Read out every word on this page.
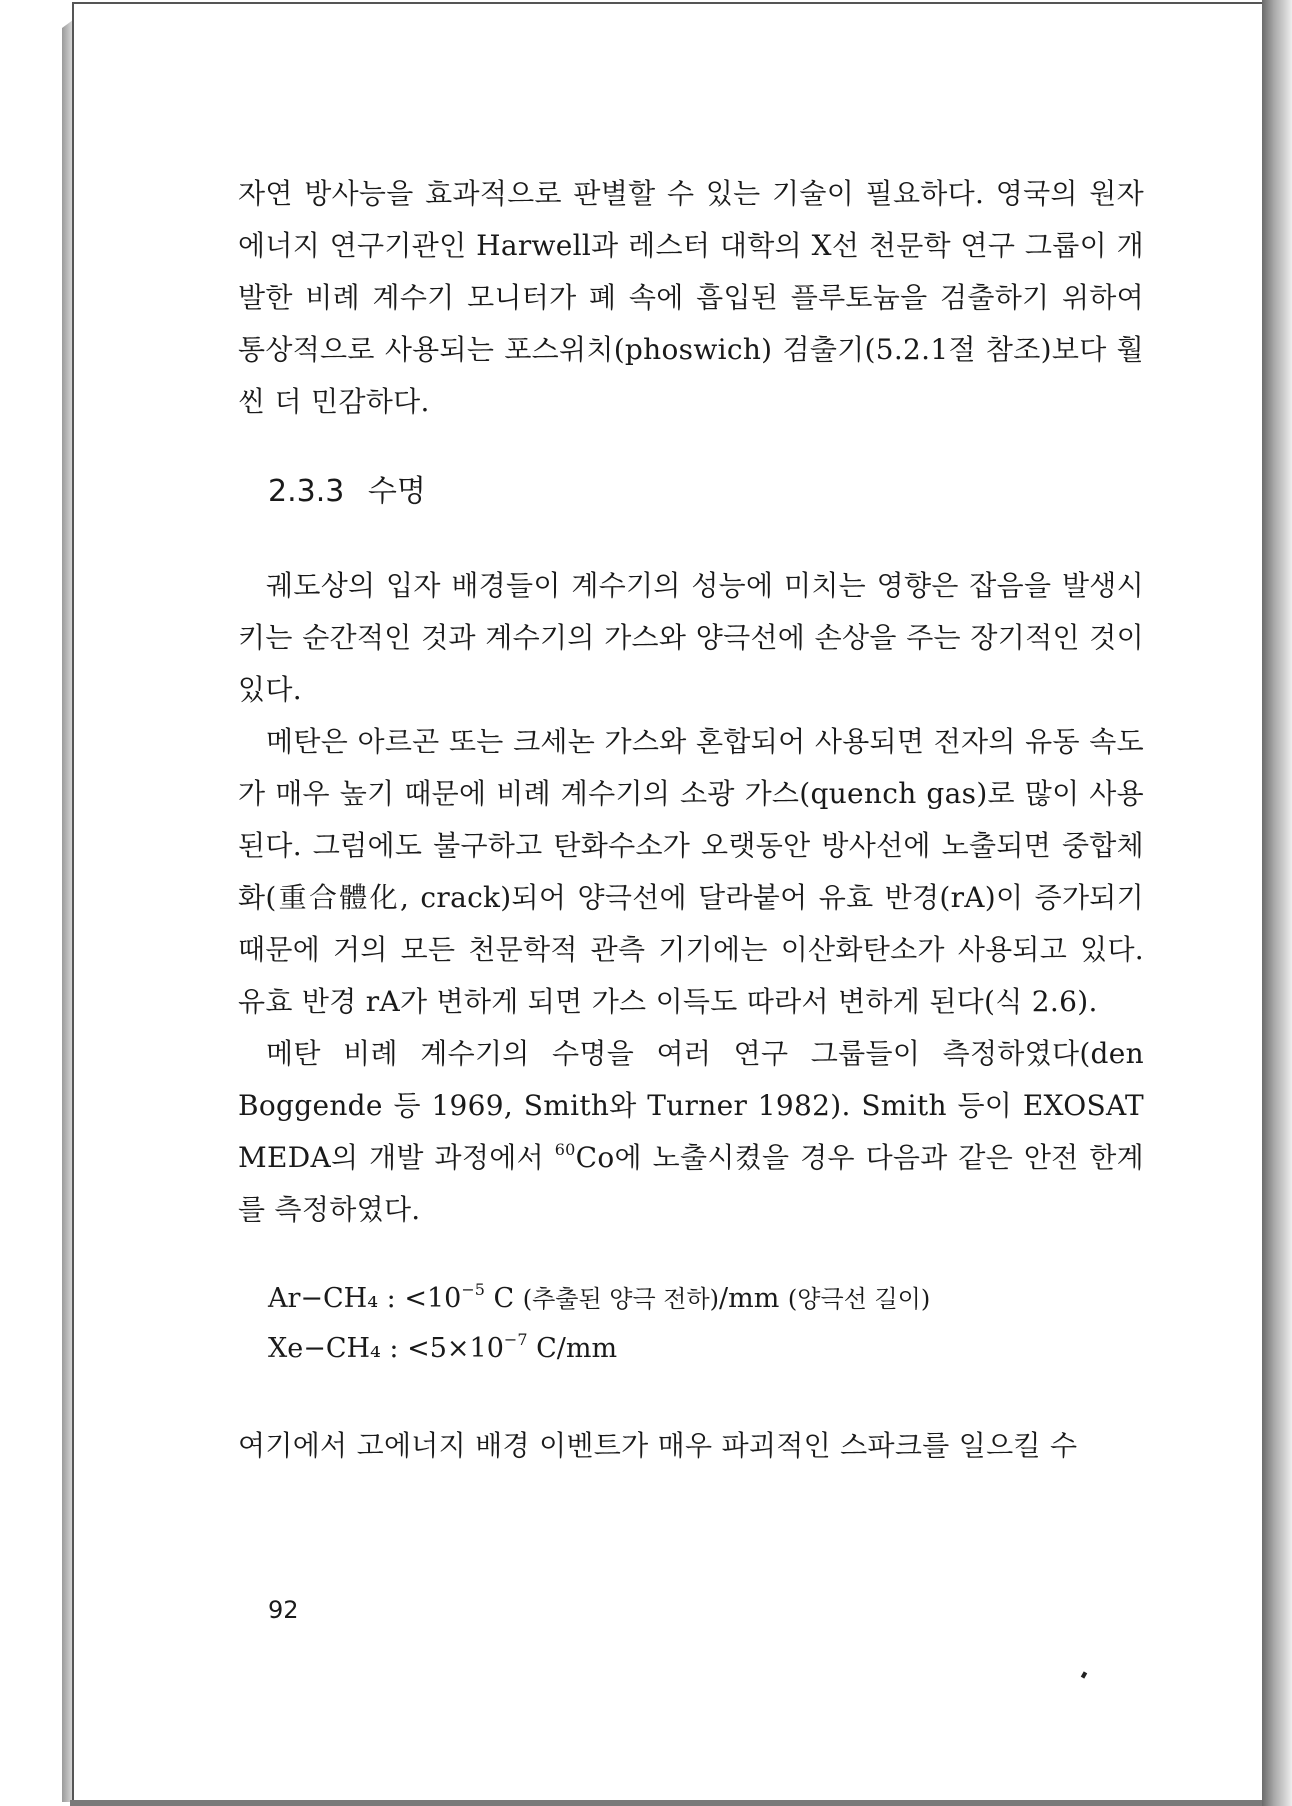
자연 방사능을 효과적으로 판별할 수 있는 기술이 필요하다. 영국의 원자 에너지 연구기관인 Harwell과 레스터 대학의 X선 천문학 연구 그룹이 개발한 비례 계수기 모니터가 폐 속에 흡입된 플루토늄을 검출하기 위하여 통상적으로 사용되는 포스위치(phoswich) 검출기(5.2.1절 참조)보다 훨씬 더 민감하다.

2.3.3 수명

궤도상의 입자 배경들이 계수기의 성능에 미치는 영향은 잡음을 발생시키는 순간적인 것과 계수기의 가스와 양극선에 손상을 주는 장기적인 것이 있다.

메탄은 아르곤 또는 크세논 가스와 혼합되어 사용되면 전자의 유동 속도가 매우 높기 때문에 비례 계수기의 소광 가스(quench gas)로 많이 사용된다. 그럼에도 불구하고 탄화수소가 오랫동안 방사선에 노출되면 중합체화(重合體化, crack)되어 양극선에 달라붙어 유효 반경(rA)이 증가되기 때문에 거의 모든 천문학적 관측 기기에는 이산화탄소가 사용되고 있다. 유효 반경 rA가 변하게 되면 가스 이득도 따라서 변하게 된다(식 2.6).

메탄 비례 계수기의 수명을 여러 연구 그룹들이 측정하였다(den Boggende 등 1969, Smith와 Turner 1982). Smith 등이 EXOSAT MEDA의 개발 과정에서 $^{60}$Co에 노출시켰을 경우 다음과 같은 안전 한계를 측정하였다.

Ar−CH₄ : $<10^{-5}$ C (추출된 양극 전하)/mm (양극선 길이)
Xe−CH₄ : $<5\times 10^{-7}$ C/mm

여기에서 고에너지 배경 이벤트가 매우 파괴적인 스파크를 일으킬 수

92
